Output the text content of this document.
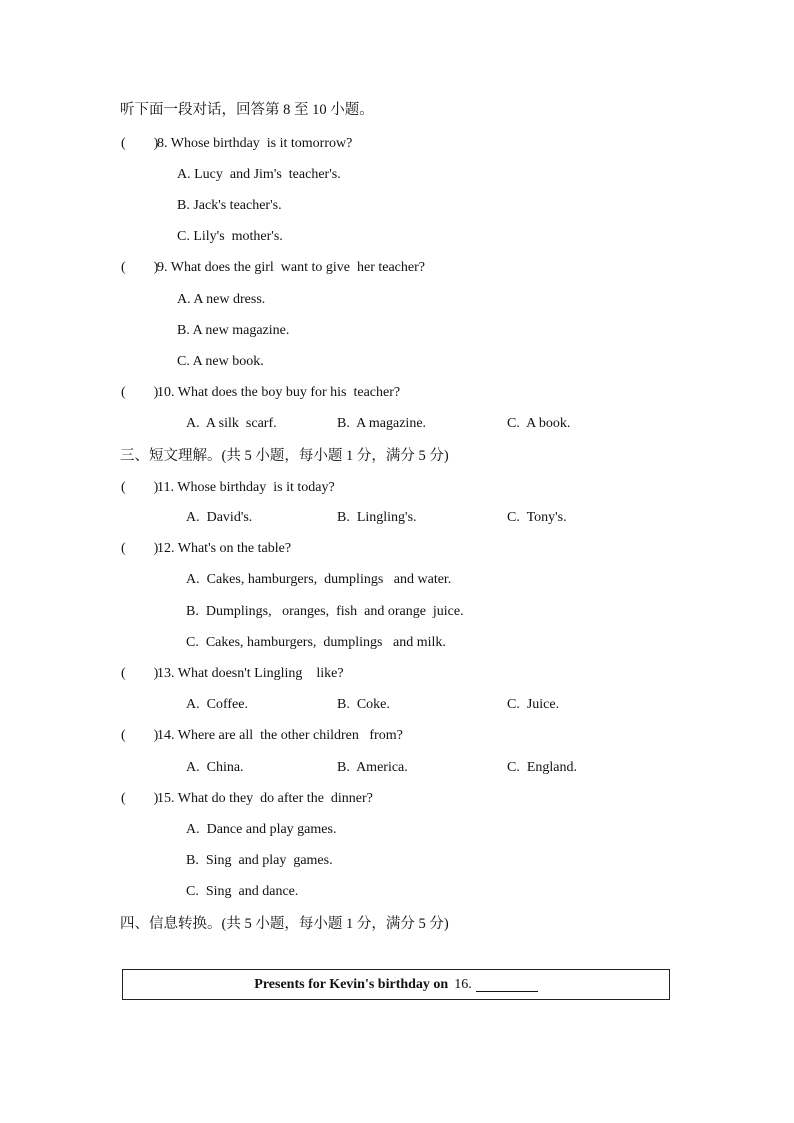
听下面一段对话，回答第 8 至 10 小题。
(        )8. Whose birthday  is it tomorrow?
A. Lucy  and Jim's  teacher's.
B. Jack's teacher's.
C. Lily's  mother's.
(        )9. What does the girl  want to give  her teacher?
A. A new dress.
B. A new magazine.
C. A new book.
(        )10. What does the boy buy for his  teacher?
A.  A silk  scarf.	B.  A magazine.	C.  A book.
三、短文理解。(共 5 小题，每小题 1 分，满分 5 分)
(        )11. Whose birthday  is it today?
A.  David's.	B.  Lingling's.	C.  Tony's.
(        )12. What's on the table?
A.  Cakes, hamburgers,  dumplings   and water.
B.  Dumplings,   oranges,  fish  and orange  juice.
C.  Cakes, hamburgers,  dumplings   and milk.
(        )13. What doesn't Lingling    like?
A.  Coffee.	B.  Coke.	C.  Juice.
(        )14. Where are all  the other children   from?
A.  China.	B.  America.	C.  England.
(        )15. What do they  do after the  dinner?
A.  Dance and play games.
B.  Sing  and play  games.
C.  Sing  and dance.
四、信息转换。(共 5 小题，每小题 1 分，满分 5 分)
Presents for Kevin's birthday on 16.
